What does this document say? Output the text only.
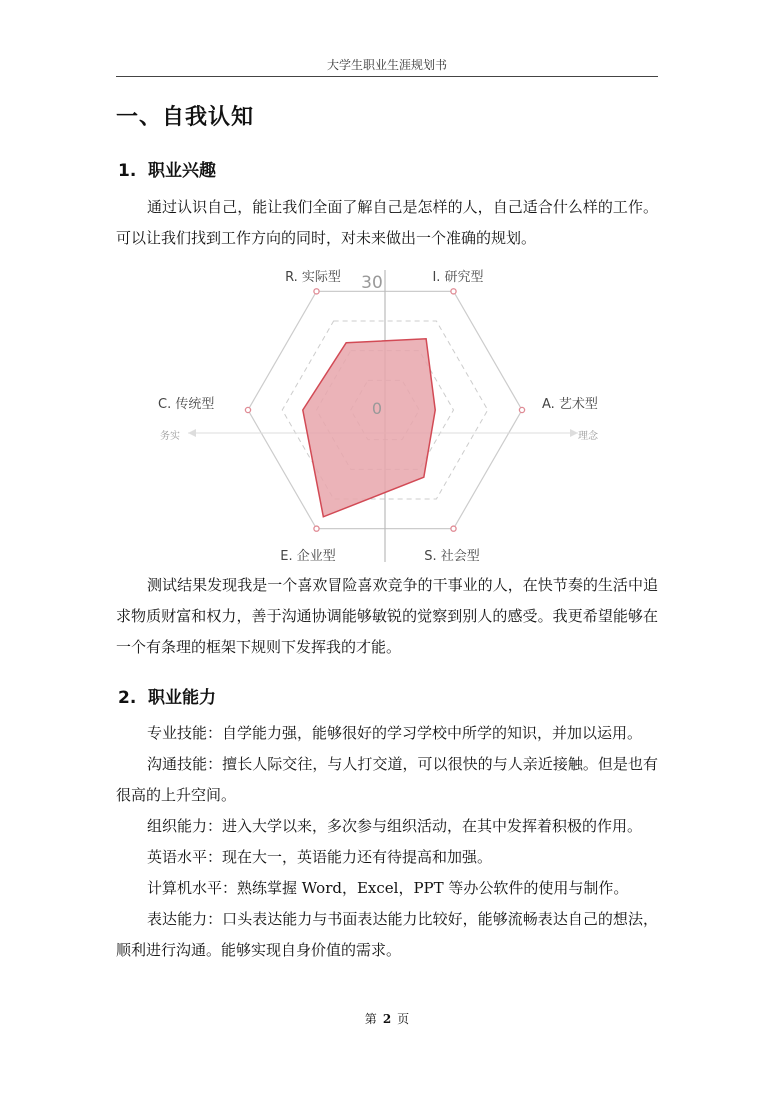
大学生职业生涯规划书
一、自我认知
1. 职业兴趣
通过认识自己，能让我们全面了解自己是怎样的人，自己适合什么样的工作。可以让我们找到工作方向的同时，对未来做出一个准确的规划。
30
0
R. 实际型	I. 研究型
A. 艺术型
S. 社会型
E. 企业型
C. 传统型
务实	理念
测试结果发现我是一个喜欢冒险喜欢竞争的干事业的人，在快节奏的生活中追求物质财富和权力，善于沟通协调能够敏锐的觉察到别人的感受。我更希望能够在一个有条理的框架下规则下发挥我的才能。
2. 职业能力
专业技能：自学能力强，能够很好的学习学校中所学的知识，并加以运用。
沟通技能：擅长人际交往，与人打交道，可以很快的与人亲近接触。但是也有很高的上升空间。
组织能力：进入大学以来，多次参与组织活动，在其中发挥着积极的作用。
英语水平：现在大一，英语能力还有待提高和加强。
计算机水平：熟练掌握 Word，Excel，PPT 等办公软件的使用与制作。
表达能力：口头表达能力与书面表达能力比较好，能够流畅表达自己的想法，顺利进行沟通。能够实现自身价值的需求。
第 2 页
